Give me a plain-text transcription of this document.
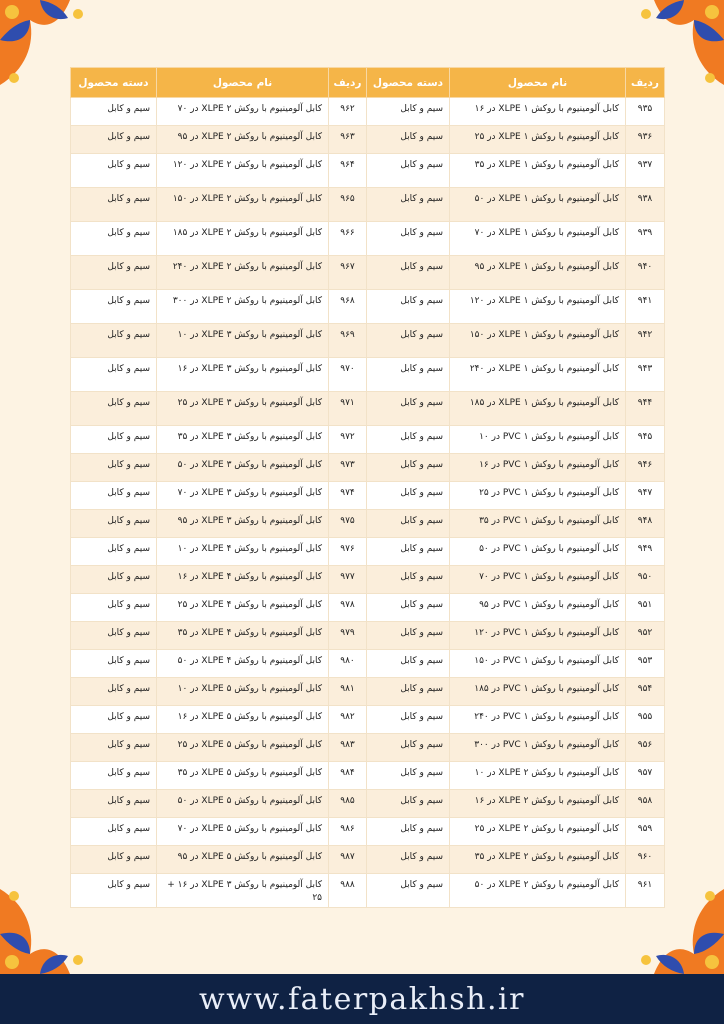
ردیف	نام محصول	دسته محصول	ردیف	نام محصول	دسته محصول
۹۳۵	کابل آلومینیوم با روکش XLPE ۱ در ۱۶	سیم و کابل	۹۶۲	کابل آلومینیوم با روکش XLPE ۲ در ۷۰	سیم و کابل
۹۳۶	کابل آلومینیوم با روکش XLPE ۱ در ۲۵	سیم و کابل	۹۶۳	کابل آلومینیوم با روکش XLPE ۲ در ۹۵	سیم و کابل
۹۳۷	کابل آلومینیوم با روکش XLPE ۱ در ۳۵	سیم و کابل	۹۶۴	کابل آلومینیوم با روکش XLPE ۲ در ۱۲۰	سیم و کابل
۹۳۸	کابل آلومینیوم با روکش XLPE ۱ در ۵۰	سیم و کابل	۹۶۵	کابل آلومینیوم با روکش XLPE ۲ در ۱۵۰	سیم و کابل
۹۳۹	کابل آلومینیوم با روکش XLPE ۱ در ۷۰	سیم و کابل	۹۶۶	کابل آلومینیوم با روکش XLPE ۲ در ۱۸۵	سیم و کابل
۹۴۰	کابل آلومینیوم با روکش XLPE ۱ در ۹۵	سیم و کابل	۹۶۷	کابل آلومینیوم با روکش XLPE ۲ در ۲۴۰	سیم و کابل
۹۴۱	کابل آلومینیوم با روکش XLPE ۱ در ۱۲۰	سیم و کابل	۹۶۸	کابل آلومینیوم با روکش XLPE ۲ در ۳۰۰	سیم و کابل
۹۴۲	کابل آلومینیوم با روکش XLPE ۱ در ۱۵۰	سیم و کابل	۹۶۹	کابل آلومینیوم با روکش XLPE ۳ در ۱۰	سیم و کابل
۹۴۳	کابل آلومینیوم با روکش XLPE ۱ در ۲۴۰	سیم و کابل	۹۷۰	کابل آلومینیوم با روکش XLPE ۳ در ۱۶	سیم و کابل
۹۴۴	کابل آلومینیوم با روکش XLPE ۱ در ۱۸۵	سیم و کابل	۹۷۱	کابل آلومینیوم با روکش XLPE ۳ در ۲۵	سیم و کابل
۹۴۵	کابل آلومینیوم با روکش PVC ۱ در ۱۰	سیم و کابل	۹۷۲	کابل آلومینیوم با روکش XLPE ۳ در ۳۵	سیم و کابل
۹۴۶	کابل آلومینیوم با روکش PVC ۱ در ۱۶	سیم و کابل	۹۷۳	کابل آلومینیوم با روکش XLPE ۳ در ۵۰	سیم و کابل
۹۴۷	کابل آلومینیوم با روکش PVC ۱ در ۲۵	سیم و کابل	۹۷۴	کابل آلومینیوم با روکش XLPE ۳ در ۷۰	سیم و کابل
۹۴۸	کابل آلومینیوم با روکش PVC ۱ در ۳۵	سیم و کابل	۹۷۵	کابل آلومینیوم با روکش XLPE ۳ در ۹۵	سیم و کابل
۹۴۹	کابل آلومینیوم با روکش PVC ۱ در ۵۰	سیم و کابل	۹۷۶	کابل آلومینیوم با روکش XLPE ۴ در ۱۰	سیم و کابل
۹۵۰	کابل آلومینیوم با روکش PVC ۱ در ۷۰	سیم و کابل	۹۷۷	کابل آلومینیوم با روکش XLPE ۴ در ۱۶	سیم و کابل
۹۵۱	کابل آلومینیوم با روکش PVC ۱ در ۹۵	سیم و کابل	۹۷۸	کابل آلومینیوم با روکش XLPE ۴ در ۲۵	سیم و کابل
۹۵۲	کابل آلومینیوم با روکش PVC ۱ در ۱۲۰	سیم و کابل	۹۷۹	کابل آلومینیوم با روکش XLPE ۴ در ۳۵	سیم و کابل
۹۵۳	کابل آلومینیوم با روکش PVC ۱ در ۱۵۰	سیم و کابل	۹۸۰	کابل آلومینیوم با روکش XLPE ۴ در ۵۰	سیم و کابل
۹۵۴	کابل آلومینیوم با روکش PVC ۱ در ۱۸۵	سیم و کابل	۹۸۱	کابل آلومینیوم با روکش XLPE ۵ در ۱۰	سیم و کابل
۹۵۵	کابل آلومینیوم با روکش PVC ۱ در ۲۴۰	سیم و کابل	۹۸۲	کابل آلومینیوم با روکش XLPE ۵ در ۱۶	سیم و کابل
۹۵۶	کابل آلومینیوم با روکش PVC ۱ در ۳۰۰	سیم و کابل	۹۸۳	کابل آلومینیوم با روکش XLPE ۵ در ۲۵	سیم و کابل
۹۵۷	کابل آلومینیوم با روکش XLPE ۲ در ۱۰	سیم و کابل	۹۸۴	کابل آلومینیوم با روکش XLPE ۵ در ۳۵	سیم و کابل
۹۵۸	کابل آلومینیوم با روکش XLPE ۲ در ۱۶	سیم و کابل	۹۸۵	کابل آلومینیوم با روکش XLPE ۵ در ۵۰	سیم و کابل
۹۵۹	کابل آلومینیوم با روکش XLPE ۲ در ۲۵	سیم و کابل	۹۸۶	کابل آلومینیوم با روکش XLPE ۵ در ۷۰	سیم و کابل
۹۶۰	کابل آلومینیوم با روکش XLPE ۲ در ۳۵	سیم و کابل	۹۸۷	کابل آلومینیوم با روکش XLPE ۵ در ۹۵	سیم و کابل
۹۶۱	کابل آلومینیوم با روکش XLPE ۲ در ۵۰	سیم و کابل	۹۸۸	کابل آلومینیوم با روکش XLPE ۳ در ۱۶ + ۲۵	سیم و کابل
www.faterpakhsh.ir
